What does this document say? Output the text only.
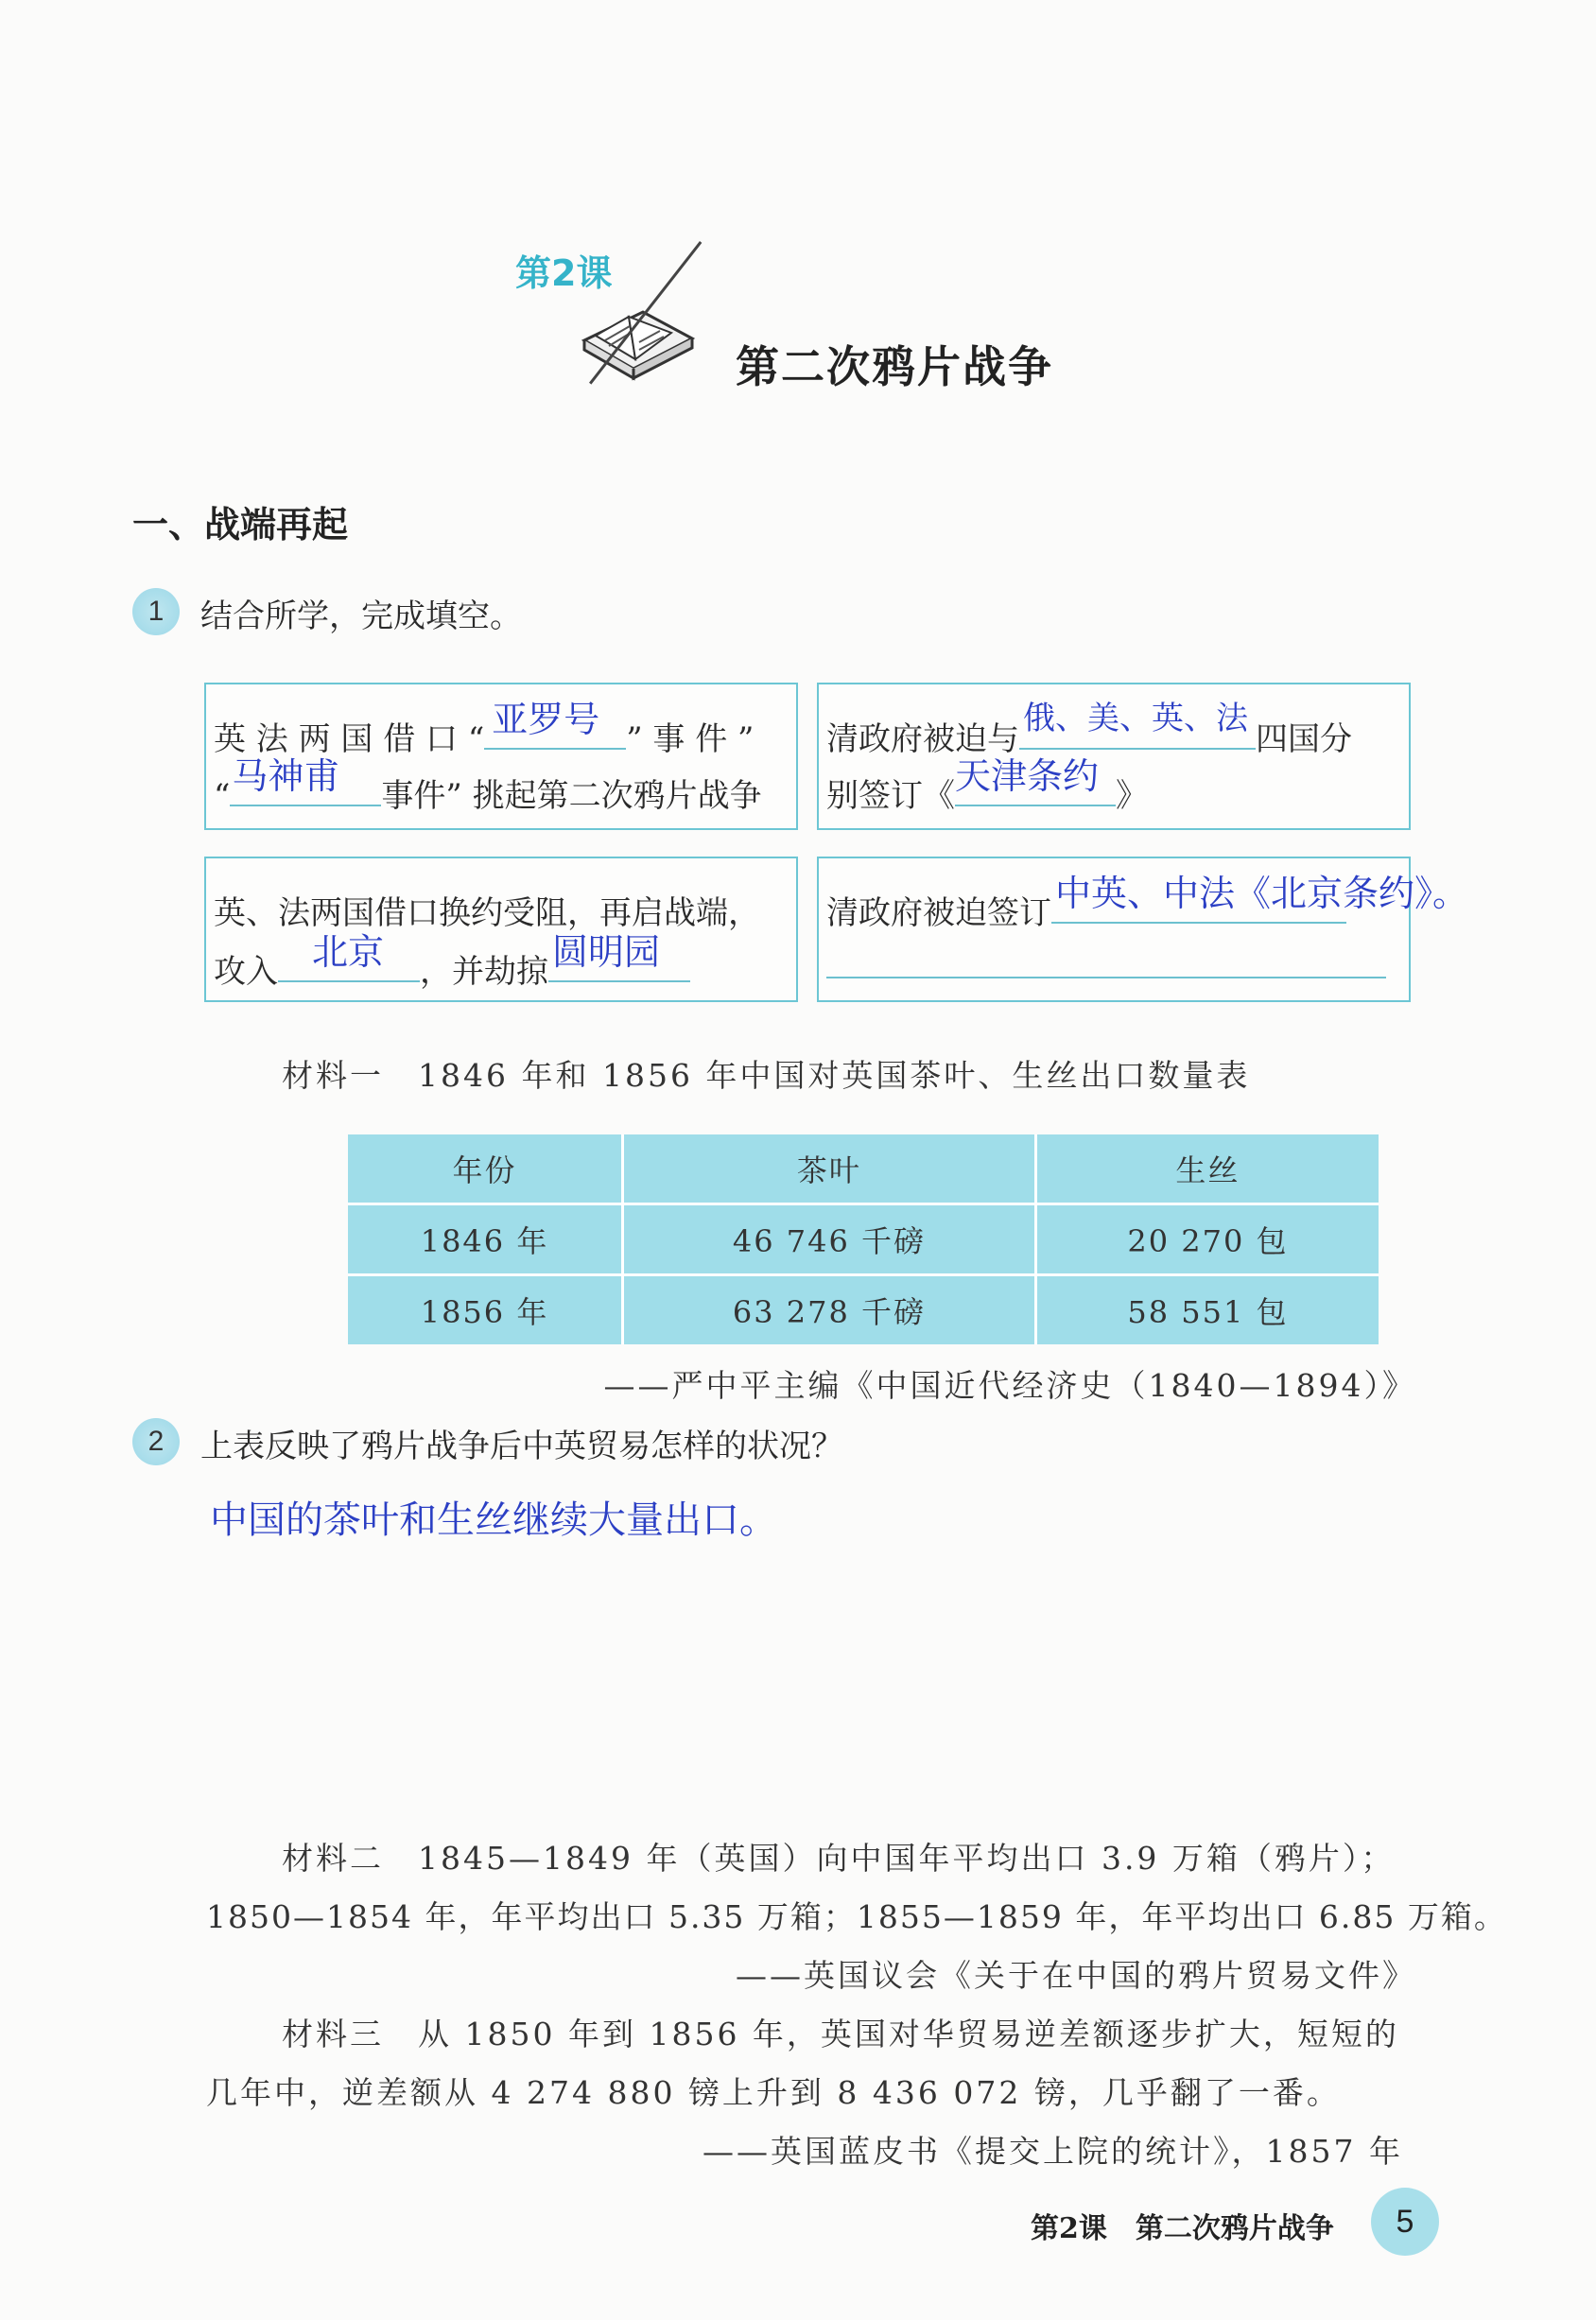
第2课
第二次鸦片战争
一、战端再起
1	结合所学，完成填空。
英 法 两 国 借 口 “ 亚罗号 ” 事 件 ”
“ 马神甫 事件” 挑起第二次鸦片战争
清政府被迫与
俄、美、英、法
四国分
别签订《 天津条约 》
英、法两国借口换约受阻，再启战端，
攻入 北京 ，并劫掠 圆明园
清政府被迫签订 中英、中法《北京条约》。
材料一　1846 年和 1856 年中国对英国茶叶、生丝出口数量表
年份	茶叶	生丝
1846 年	46 746 千磅	20 270 包
1856 年	63 278 千磅	58 551 包
——严中平主编《中国近代经济史（1840—1894）》
2	上表反映了鸦片战争后中英贸易怎样的状况？
中国的茶叶和生丝继续大量出口。
材料二　1845—1849 年（英国）向中国年平均出口 3.9 万箱（鸦片）；
1850—1854 年，年平均出口 5.35 万箱；1855—1859 年，年平均出口 6.85 万箱。
——英国议会《关于在中国的鸦片贸易文件》
材料三　从 1850 年到 1856 年，英国对华贸易逆差额逐步扩大，短短的
几年中，逆差额从 4 274 880 镑上升到 8 436 072 镑，几乎翻了一番。
——英国蓝皮书《提交上院的统计》，1857 年
第2课　第二次鸦片战争	5
